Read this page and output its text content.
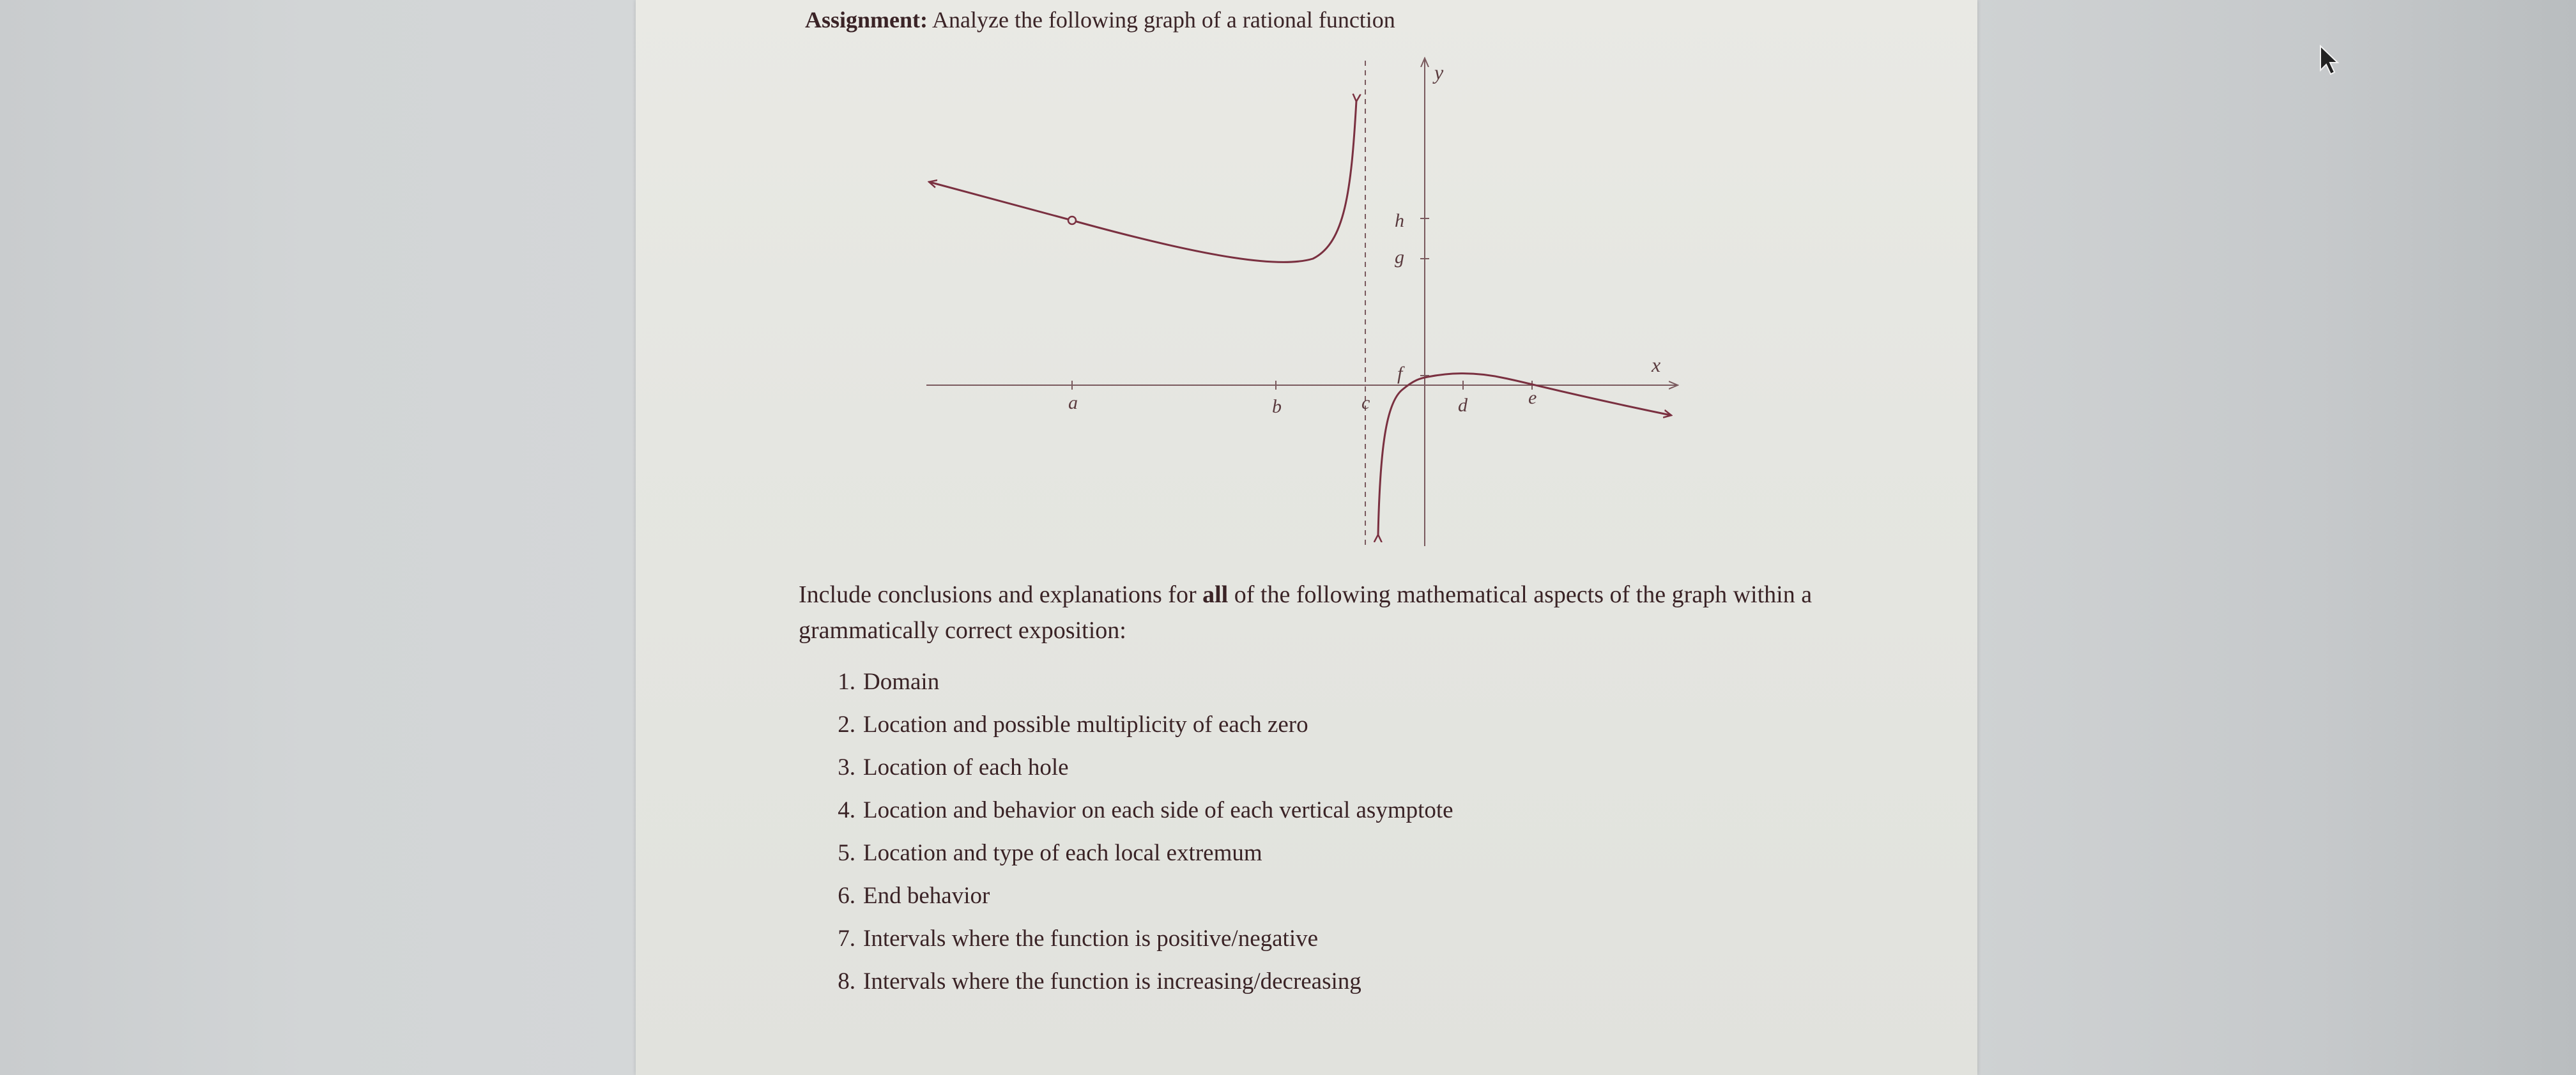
Assignment: Analyze the following graph of a rational function
x
y
a	b	c	d	e
h
g
f
Include conclusions and explanations for all of the following mathematical aspects of the graph within a grammatically correct exposition:
1. Domain
2. Location and possible multiplicity of each zero
3. Location of each hole
4. Location and behavior on each side of each vertical asymptote
5. Location and type of each local extremum
6. End behavior
7. Intervals where the function is positive/negative
8. Intervals where the function is increasing/decreasing
